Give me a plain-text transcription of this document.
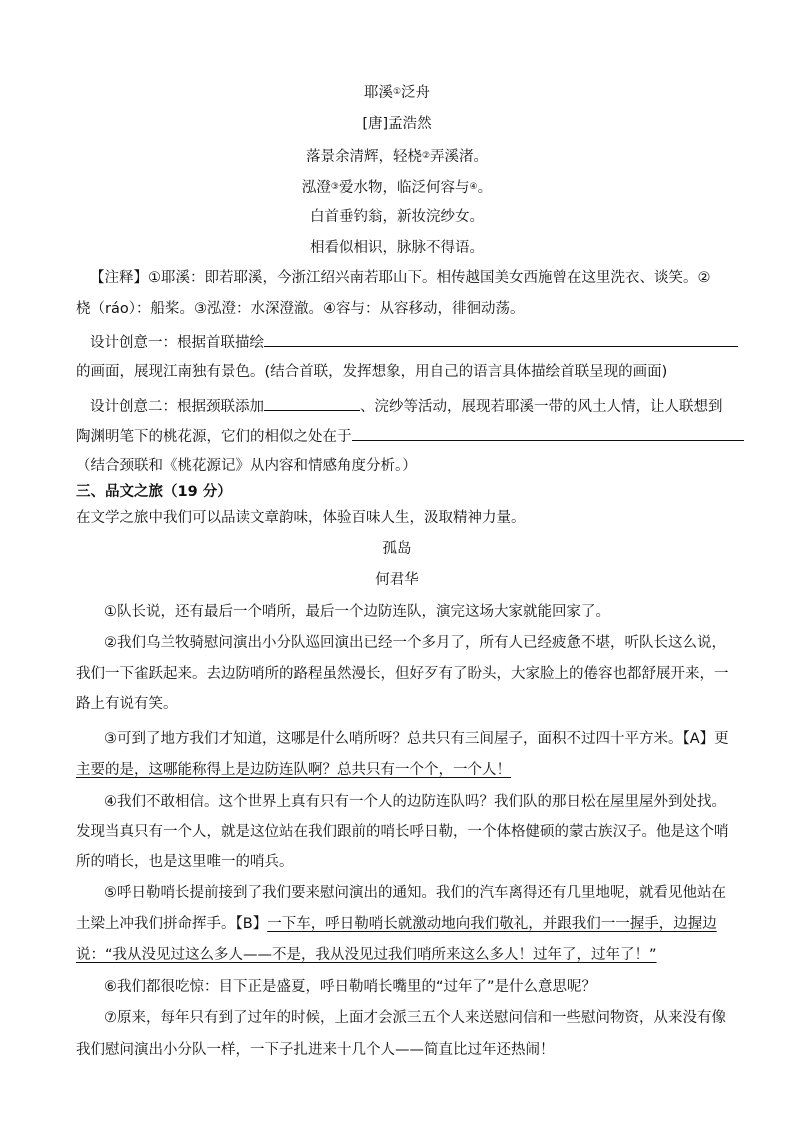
耶溪①泛舟
[唐]孟浩然
落景余清辉，轻桡②弄溪渚。
泓澄③爱水物，临泛何容与④。
白首垂钓翁，新妆浣纱女。
相看似相识，脉脉不得语。
【注释】①耶溪：即若耶溪，今浙江绍兴南若耶山下。相传越国美女西施曾在这里洗衣、谈笑。②
桡（ráo）：船桨。③泓澄：水深澄澈。④容与：从容移动，徘徊动荡。
设计创意一：根据首联描绘
的画面，展现江南独有景色。(结合首联，发挥想象，用自己的语言具体描绘首联呈现的画面)
设计创意二：根据颈联添加	、浣纱等活动，展现若耶溪一带的风土人情，让人联想到
陶渊明笔下的桃花源，它们的相似之处在于
（结合颈联和《桃花源记》从内容和情感角度分析。）
三、品文之旅（19 分）
在文学之旅中我们可以品读文章韵味，体验百味人生，汲取精神力量。
孤岛
何君华
①队长说，还有最后一个哨所，最后一个边防连队，演完这场大家就能回家了。
②我们乌兰牧骑慰问演出小分队巡回演出已经一个多月了，所有人已经疲惫不堪，听队长这么说，
我们一下雀跃起来。去边防哨所的路程虽然漫长，但好歹有了盼头，大家脸上的倦容也都舒展开来，一
路上有说有笑。
③可到了地方我们才知道，这哪是什么哨所呀？总共只有三间屋子，面积不过四十平方米。【A】更
主要的是，这哪能称得上是边防连队啊？总共只有一个个，一个人！
④我们不敢相信。这个世界上真有只有一个人的边防连队吗？我们队的那日松在屋里屋外到处找。
发现当真只有一个人，就是这位站在我们跟前的哨长呼日勒，一个体格健硕的蒙古族汉子。他是这个哨
所的哨长，也是这里唯一的哨兵。
⑤呼日勒哨长提前接到了我们要来慰问演出的通知。我们的汽车离得还有几里地呢，就看见他站在
土梁上冲我们拼命挥手。【B】一下车，呼日勒哨长就激动地向我们敬礼，并跟我们一一握手，边握边
说：“我从没见过这么多人——不是，我从没见过我们哨所来这么多人！过年了，过年了！”
⑥我们都很吃惊：目下正是盛夏，呼日勒哨长嘴里的“过年了”是什么意思呢？
⑦原来，每年只有到了过年的时候，上面才会派三五个人来送慰问信和一些慰问物资，从来没有像
我们慰问演出小分队一样，一下子扎进来十几个人——简直比过年还热闹！
